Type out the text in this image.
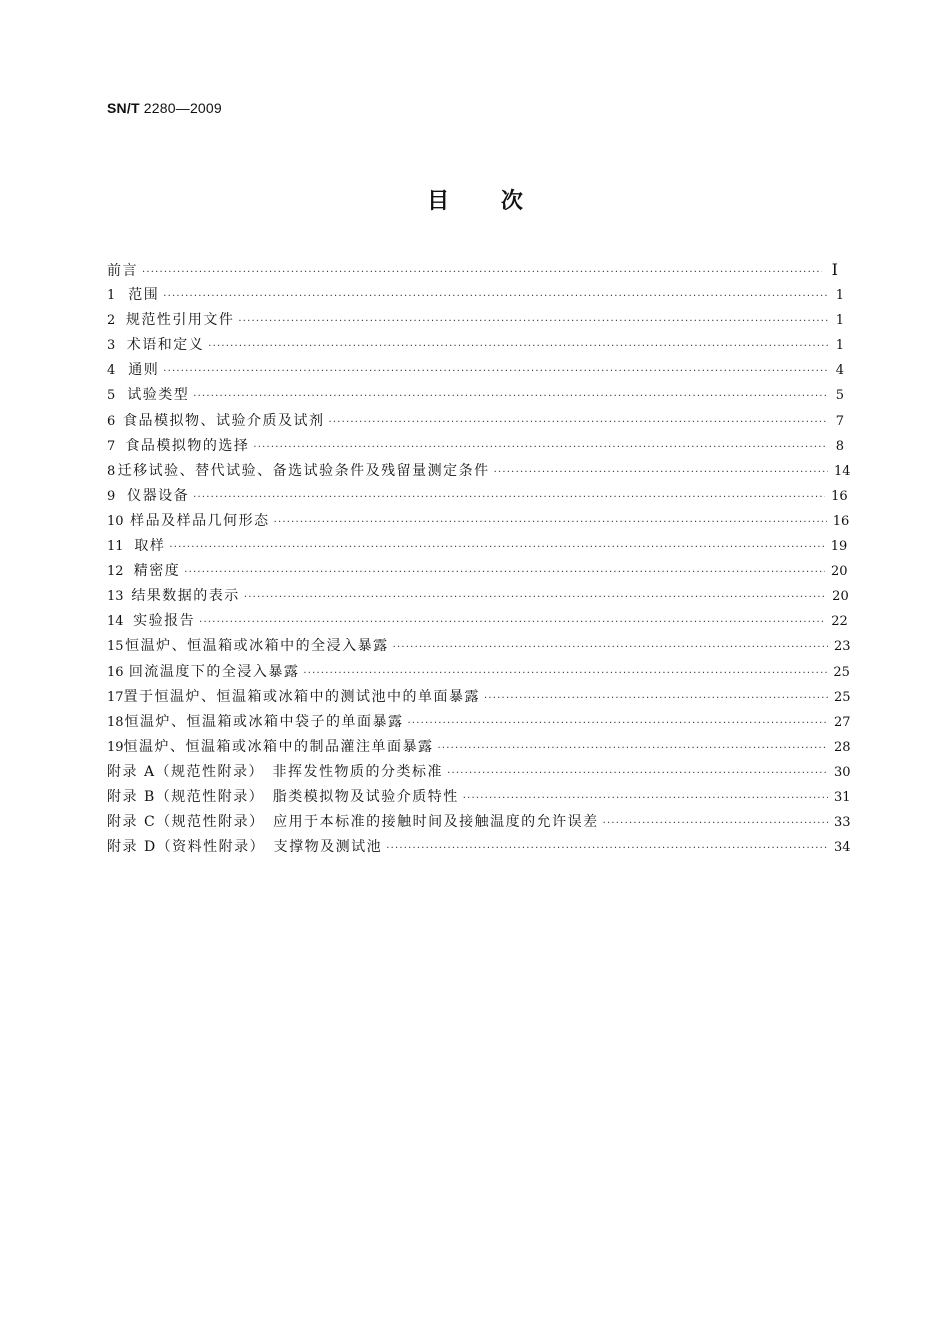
SN/T 2280—2009
目 次
前言 ·····	Ⅰ
1 范围 ·····	1
2 规范性引用文件 ·····	1
3 术语和定义 ·····	1
4 通则 ·····	4
5 试验类型 ·····	5
6 食品模拟物、试验介质及试剂 ·····	7
7 食品模拟物的选择 ·····	8
8 迁移试验、替代试验、备选试验条件及残留量测定条件 ·····	14
9 仪器设备 ·····	16
10 样品及样品几何形态 ·····	16
11 取样 ·····	19
12 精密度 ·····	20
13 结果数据的表示 ·····	20
14 实验报告 ·····	22
15 恒温炉、恒温箱或冰箱中的全浸入暴露 ·····	23
16 回流温度下的全浸入暴露 ·····	25
17 置于恒温炉、恒温箱或冰箱中的测试池中的单面暴露 ·····	25
18 恒温炉、恒温箱或冰箱中袋子的单面暴露 ·····	27
19 恒温炉、恒温箱或冰箱中的制品灌注单面暴露 ·····	28
附录 A（规范性附录）　非挥发性物质的分类标准 ·····	30
附录 B（规范性附录）　脂类模拟物及试验介质特性 ·····	31
附录 C（规范性附录）　应用于本标准的接触时间及接触温度的允许误差 ·····	33
附录 D（资料性附录）　支撑物及测试池 ·····	34
